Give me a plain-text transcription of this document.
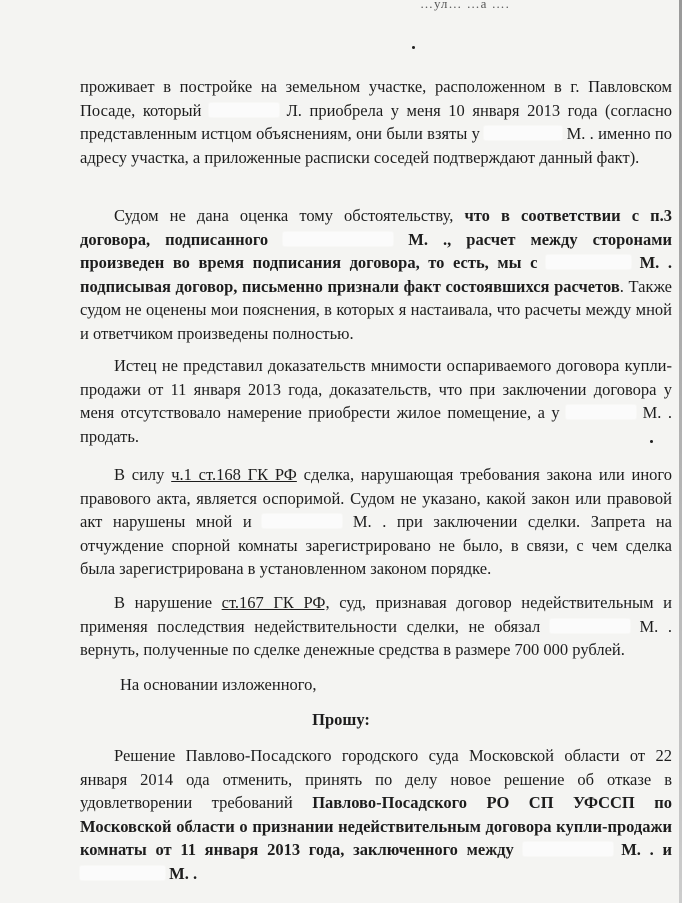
…ул… …а ….
проживает в постройке на земельном участке, расположенном в г. Павловском Посаде, который	Л. приобрела у меня 10 января 2013 года (согласно представленным истцом объяснениям, они были взяты у	М. . именно по адресу участка, а приложенные расписки соседей подтверждают данный факт).
Судом не дана оценка тому обстоятельству, что в соответствии с п.3 договора, подписанного	М. ., расчет между сторонами произведен во время подписания договора, то есть, мы с	М. . подписывая договор, письменно признали факт состоявшихся расчетов. Также судом не оценены мои пояснения, в которых я настаивала, что расчеты между мной и ответчиком произведены полностью.
Истец не представил доказательств мнимости оспариваемого договора купли-продажи от 11 января 2013 года, доказательств, что при заключении договора у меня отсутствовало намерение приобрести жилое помещение, а у	М. . продать.
В силу ч.1 ст.168 ГК РФ сделка, нарушающая требования закона или иного правового акта, является оспоримой. Судом не указано, какой закон или правовой акт нарушены мной и	М. . при заключении сделки. Запрета на отчуждение спорной комнаты зарегистрировано не было, в связи, с чем сделка была зарегистрирована в установленном законом порядке.
В нарушение ст.167 ГК РФ, суд, признавая договор недействительным и применяя последствия недействительности сделки, не обязал	М. . вернуть, полученные по сделке денежные средства в размере 700 000 рублей.
На основании изложенного,
Прошу:
Решение Павлово-Посадского городского суда Московской области от 22 января 2014 ода отменить, принять по делу новое решение об отказе в удовлетворении требований Павлово-Посадского РО СП УФССП по Московской области о признании недействительным договора купли-продажи комнаты от 11 января 2013 года, заключенного между	М. . и  М. .
